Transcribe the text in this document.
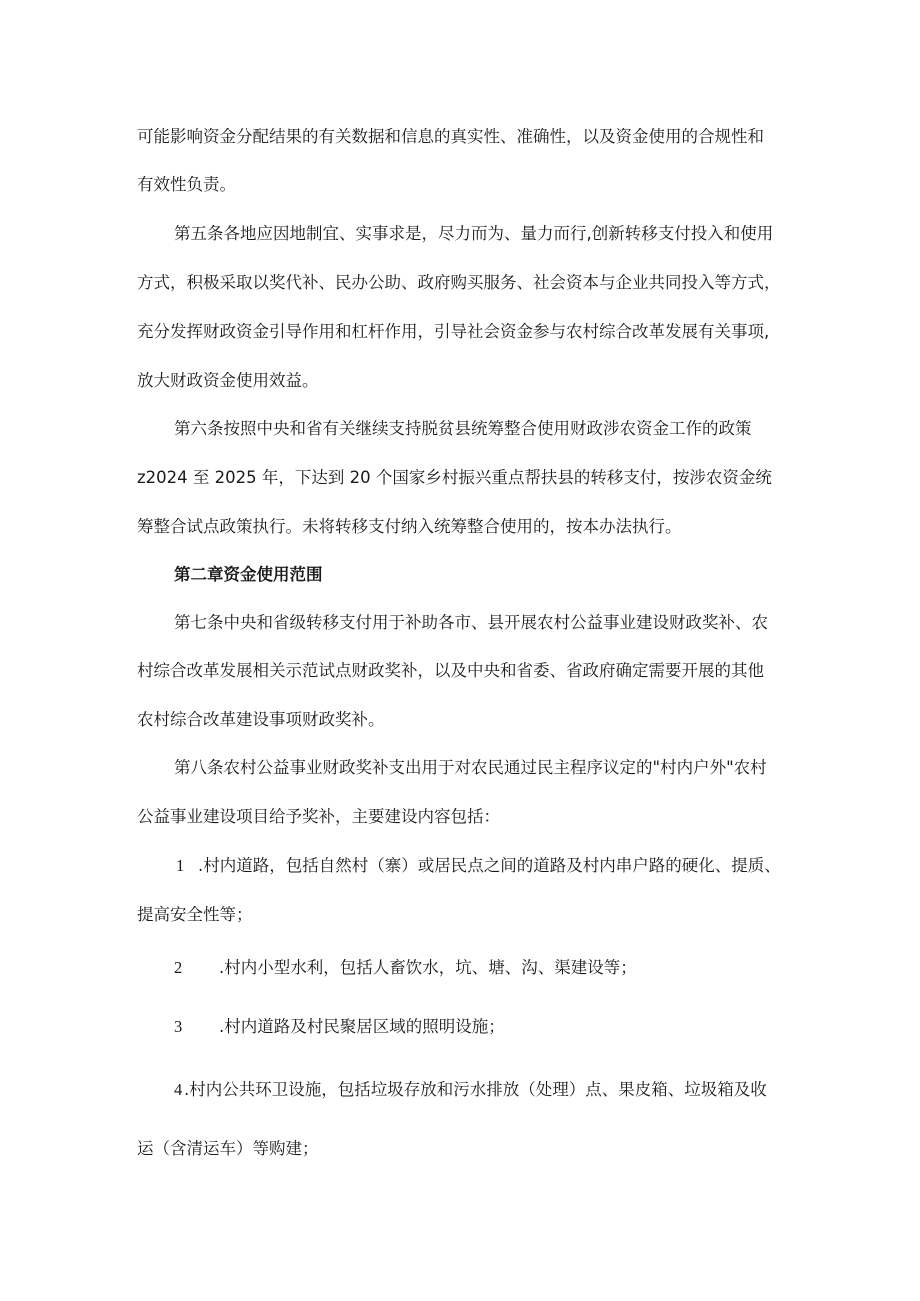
可能影响资金分配结果的有关数据和信息的真实性、准确性，以及资金使用的合规性和
有效性负责。
第五条各地应因地制宜、实事求是，尽力而为、量力而行,创新转移支付投入和使用
方式，积极采取以奖代补、民办公助、政府购买服务、社会资本与企业共同投入等方式，
充分发挥财政资金引导作用和杠杆作用，引导社会资金参与农村综合改革发展有关事项,
放大财政资金使用效益。
第六条按照中央和省有关继续支持脱贫县统筹整合使用财政涉农资金工作的政策
z2024 至 2025 年，下达到 20 个国家乡村振兴重点帮扶县的转移支付，按涉农资金统
筹整合试点政策执行。未将转移支付纳入统筹整合使用的，按本办法执行。
第二章资金使用范围
第七条中央和省级转移支付用于补助各市、县开展农村公益事业建设财政奖补、农
村综合改革发展相关示范试点财政奖补，以及中央和省委、省政府确定需要开展的其他
农村综合改革建设事项财政奖补。
第八条农村公益事业财政奖补支出用于对农民通过民主程序议定的"村内户外"农村
公益事业建设项目给予奖补，主要建设内容包括：
1 .村内道路，包括自然村（寨）或居民点之间的道路及村内串户路的硬化、提质、
提高安全性等；
2 .村内小型水利，包括人畜饮水，坑、塘、沟、渠建设等；
3 .村内道路及村民聚居区域的照明设施；
4 .村内公共环卫设施，包括垃圾存放和污水排放（处理）点、果皮箱、垃圾箱及收
运（含清运车）等购建；
